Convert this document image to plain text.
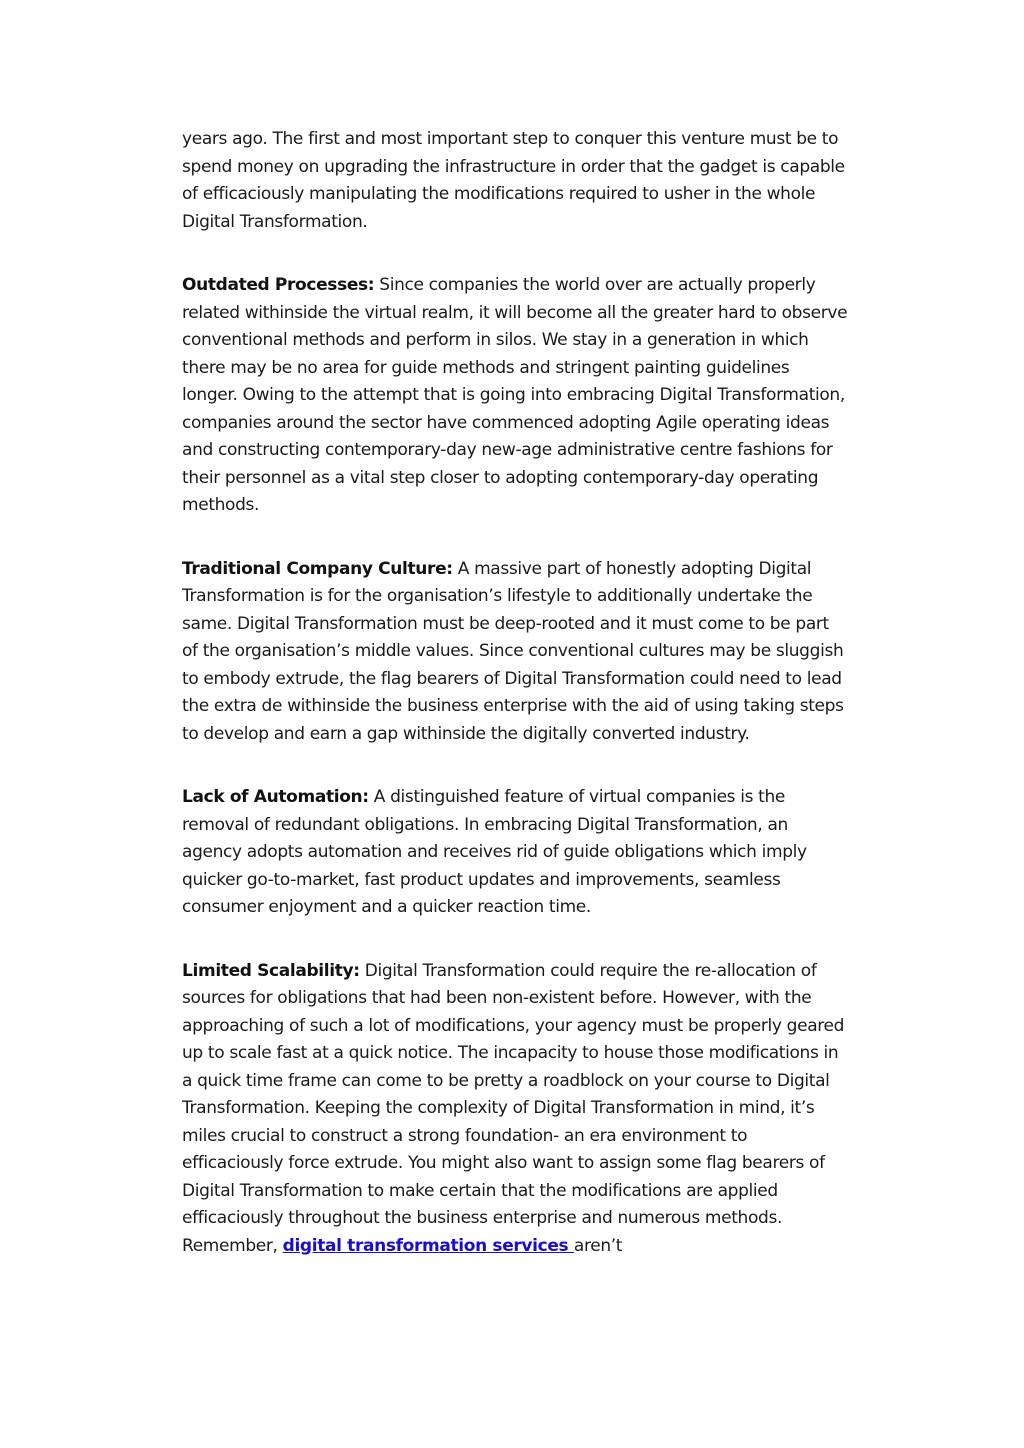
years ago. The first and most important step to conquer this venture must be to spend money on upgrading the infrastructure in order that the gadget is capable of efficaciously manipulating the modifications required to usher in the whole Digital Transformation.

Outdated Processes: Since companies the world over are actually properly related withinside the virtual realm, it will become all the greater hard to observe conventional methods and perform in silos. We stay in a generation in which there may be no area for guide methods and stringent painting guidelines longer. Owing to the attempt that is going into embracing Digital Transformation, companies around the sector have commenced adopting Agile operating ideas and constructing contemporary-day new-age administrative centre fashions for their personnel as a vital step closer to adopting contemporary-day operating methods.

Traditional Company Culture: A massive part of honestly adopting Digital Transformation is for the organisation’s lifestyle to additionally undertake the same. Digital Transformation must be deep-rooted and it must come to be part of the organisation’s middle values. Since conventional cultures may be sluggish to embody extrude, the flag bearers of Digital Transformation could need to lead the extra de withinside the business enterprise with the aid of using taking steps to develop and earn a gap withinside the digitally converted industry.

Lack of Automation: A distinguished feature of virtual companies is the removal of redundant obligations. In embracing Digital Transformation, an agency adopts automation and receives rid of guide obligations which imply quicker go-to-market, fast product updates and improvements, seamless consumer enjoyment and a quicker reaction time.

Limited Scalability: Digital Transformation could require the re-allocation of sources for obligations that had been non-existent before. However, with the approaching of such a lot of modifications, your agency must be properly geared up to scale fast at a quick notice. The incapacity to house those modifications in a quick time frame can come to be pretty a roadblock on your course to Digital Transformation. Keeping the complexity of Digital Transformation in mind, it’s miles crucial to construct a strong foundation- an era environment to efficaciously force extrude. You might also want to assign some flag bearers of Digital Transformation to make certain that the modifications are applied efficaciously throughout the business enterprise and numerous methods. Remember, digital transformation services aren’t
